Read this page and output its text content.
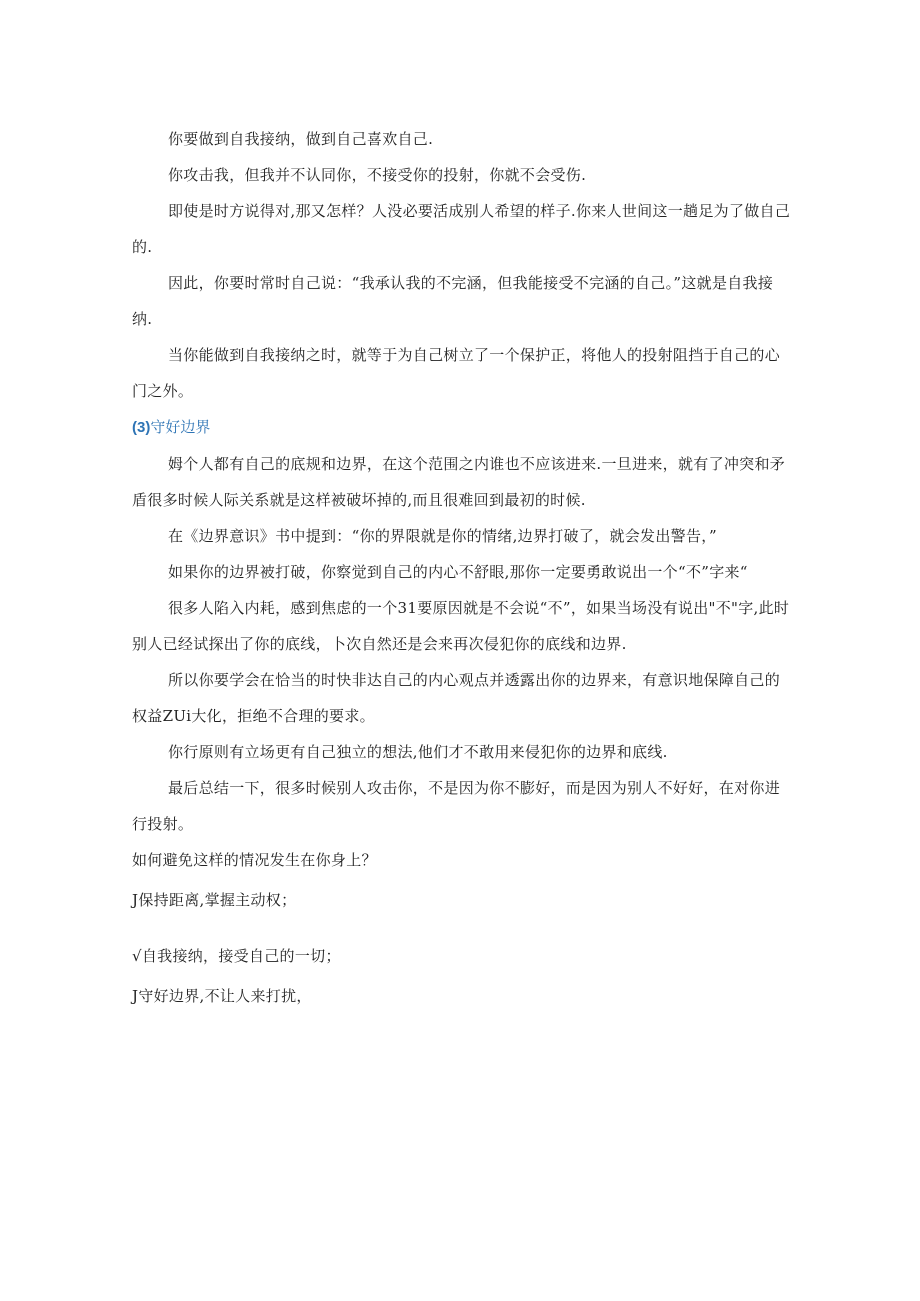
你要做到自我接纳，做到自己喜欢自己.

你攻击我，但我并不认同你，不接受你的投射，你就不会受伤.

即使是时方说得对,那又怎样？人没必要活成别人希望的样子.你来人世间这一趟足为了做自己的.

因此，你要时常时自己说：“我承认我的不完涵，但我能接受不完涵的自己。”这就是自我接纳.

当你能做到自我接纳之时，就等于为自己树立了一个保护正，将他人的投射阻挡于自己的心门之外。

(3)守好边界

姆个人都有自己的底规和边界，在这个范围之内谁也不应该进来.一旦进来，就有了冲突和矛盾很多时候人际关系就是这样被破坏掉的,而且很难回到最初的时候.

在《边界意识》书中提到：“你的界限就是你的情绪,边界打破了，就会发出警告，”

如果你的边界被打破，你察觉到自己的内心不舒眼,那你一定要勇敢说出一个“不”字来“

很多人陷入内耗，感到焦虑的一个31要原因就是不会说“不”，如果当场没有说出"不"字,此时别人已经试探出了你的底线，卜次自然还是会来再次侵犯你的底线和边界.

所以你要学会在恰当的时快非达自己的内心观点并透露出你的边界来，有意识地保障自己的权益ZUi大化，拒绝不合理的要求。

你行原则有立场更有自己独立的想法,他们才不敢用来侵犯你的边界和底线.

最后总结一下，很多时候别人攻击你，不是因为你不膨好，而是因为别人不好好，在对你进行投射。

如何避免这样的情况发生在你身上？

J保持距离,掌握主动权；

√自我接纳，接受自己的一切；

J守好边界,不让人来打扰，
